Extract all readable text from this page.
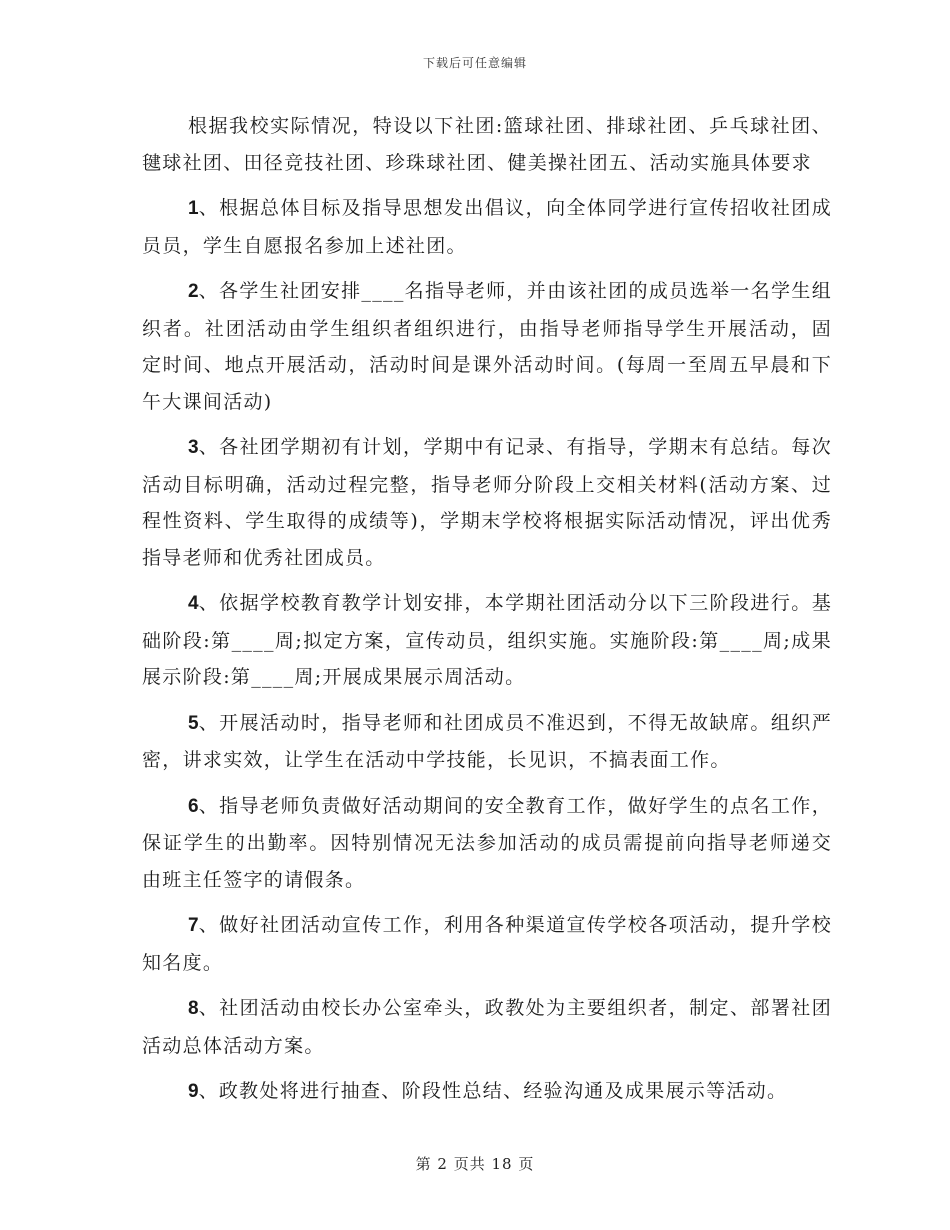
下载后可任意编辑

根据我校实际情况，特设以下社团:篮球社团、排球社团、乒乓球社团、毽球社团、田径竞技社团、珍珠球社团、健美操社团五、活动实施具体要求

1、根据总体目标及指导思想发出倡议，向全体同学进行宣传招收社团成员员，学生自愿报名参加上述社团。

2、各学生社团安排____名指导老师，并由该社团的成员选举一名学生组织者。社团活动由学生组织者组织进行，由指导老师指导学生开展活动，固定时间、地点开展活动，活动时间是课外活动时间。(每周一至周五早晨和下午大课间活动)

3、各社团学期初有计划，学期中有记录、有指导，学期末有总结。每次活动目标明确，活动过程完整，指导老师分阶段上交相关材料(活动方案、过程性资料、学生取得的成绩等)，学期末学校将根据实际活动情况，评出优秀指导老师和优秀社团成员。

4、依据学校教育教学计划安排，本学期社团活动分以下三阶段进行。基础阶段:第____周;拟定方案，宣传动员，组织实施。实施阶段:第____周;成果展示阶段:第____周;开展成果展示周活动。

5、开展活动时，指导老师和社团成员不准迟到，不得无故缺席。组织严密，讲求实效，让学生在活动中学技能，长见识，不搞表面工作。

6、指导老师负责做好活动期间的安全教育工作，做好学生的点名工作，保证学生的出勤率。因特别情况无法参加活动的成员需提前向指导老师递交由班主任签字的请假条。

7、做好社团活动宣传工作，利用各种渠道宣传学校各项活动，提升学校知名度。

8、社团活动由校长办公室牵头，政教处为主要组织者，制定、部署社团活动总体活动方案。

9、政教处将进行抽查、阶段性总结、经验沟通及成果展示等活动。

第 2 页共 18 页
